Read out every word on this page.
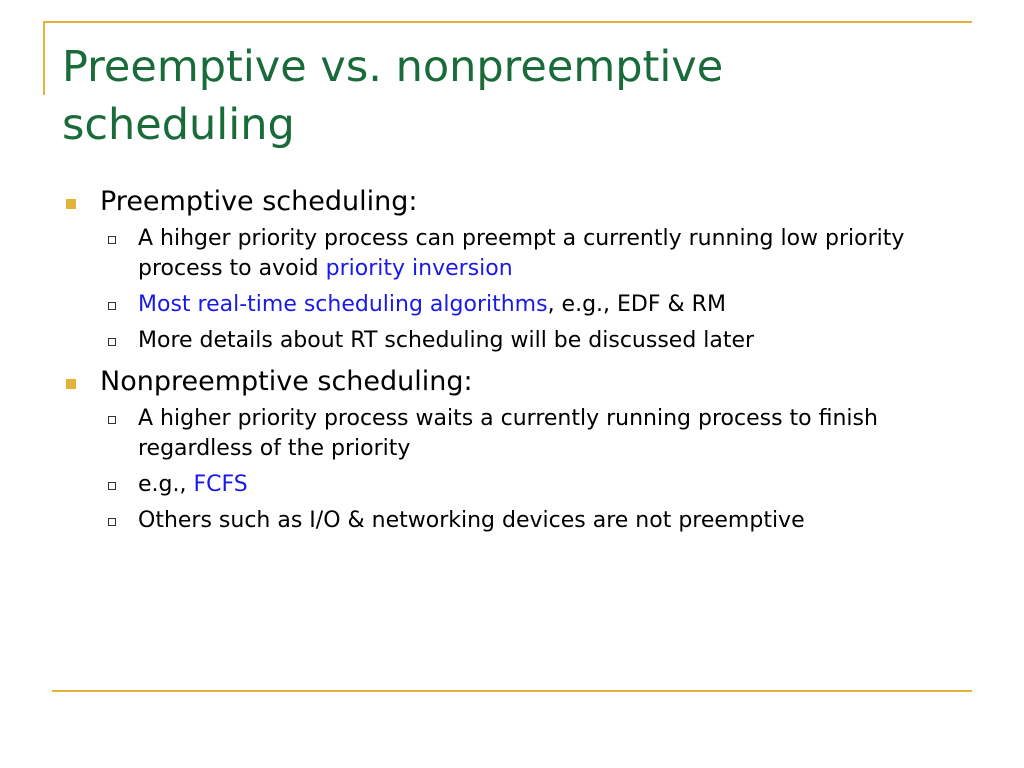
Preemptive vs. nonpreemptive scheduling
Preemptive scheduling:
A hihger priority process can preempt a currently running low priority process to avoid priority inversion
Most real-time scheduling algorithms, e.g., EDF & RM
More details about RT scheduling will be discussed later
Nonpreemptive scheduling:
A higher priority process waits a currently running process to finish regardless of the priority
e.g., FCFS
Others such as I/O & networking devices are not preemptive
